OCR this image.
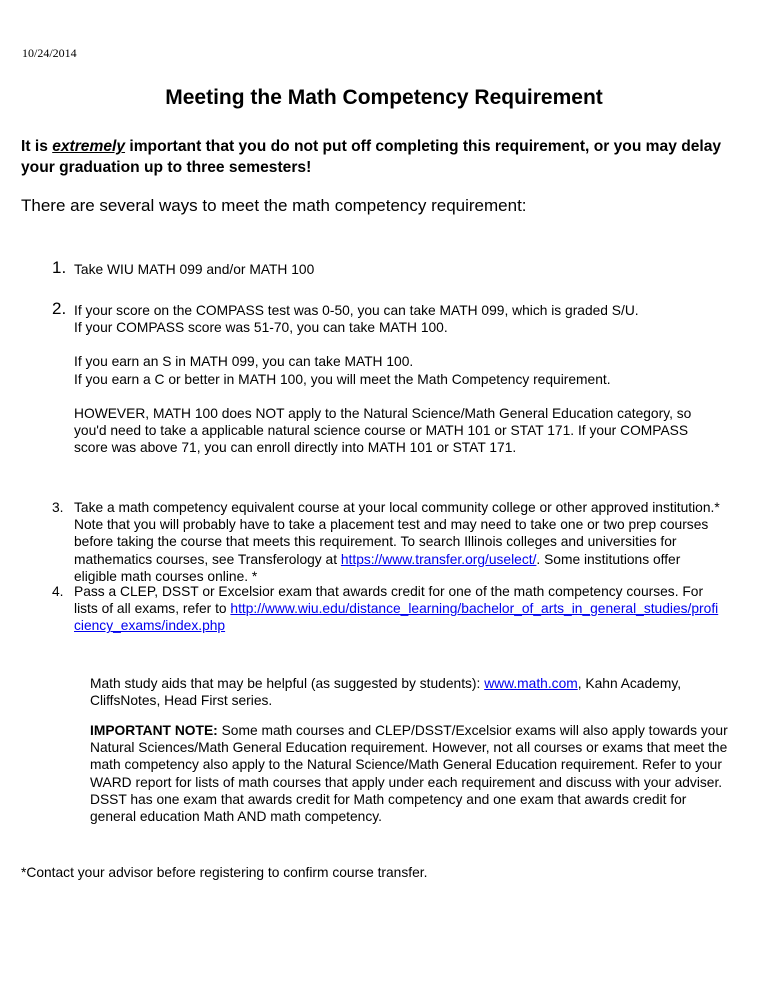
10/24/2014
Meeting the Math Competency Requirement

It is extremely important that you do not put off completing this requirement, or you may delay your graduation up to three semesters!

There are several ways to meet the math competency requirement:

1. Take WIU MATH 099 and/or MATH 100

2. If your score on the COMPASS test was 0-50, you can take MATH 099, which is graded S/U.

If your COMPASS score was 51-70, you can take MATH 100.

If you earn an S in MATH 099, you can take MATH 100.

If you earn a C or better in MATH 100, you will meet the Math Competency requirement.

HOWEVER, MATH 100 does NOT apply to the Natural Science/Math General Education category, so you'd need to take a applicable natural science course or MATH 101 or STAT 171. If your COMPASS score was above 71, you can enroll directly into MATH 101 or STAT 171.

3. Take a math competency equivalent course at your local community college or other approved institution.* Note that you will probably have to take a placement test and may need to take one or two prep courses before taking the course that meets this requirement. To search Illinois colleges and universities for mathematics courses, see Transferology at https://www.transfer.org/uselect/. Some institutions offer eligible math courses online. *

4. Pass a CLEP, DSST or Excelsior exam that awards credit for one of the math competency courses. For lists of all exams, refer to http://www.wiu.edu/distance_learning/bachelor_of_arts_in_general_studies/proficiency_exams/index.php

Math study aids that may be helpful (as suggested by students): www.math.com, Kahn Academy, CliffsNotes, Head First series.

IMPORTANT NOTE: Some math courses and CLEP/DSST/Excelsior exams will also apply towards your Natural Sciences/Math General Education requirement. However, not all courses or exams that meet the math competency also apply to the Natural Science/Math General Education requirement. Refer to your WARD report for lists of math courses that apply under each requirement and discuss with your adviser. DSST has one exam that awards credit for Math competency and one exam that awards credit for general education Math AND math competency.

*Contact your advisor before registering to confirm course transfer.
